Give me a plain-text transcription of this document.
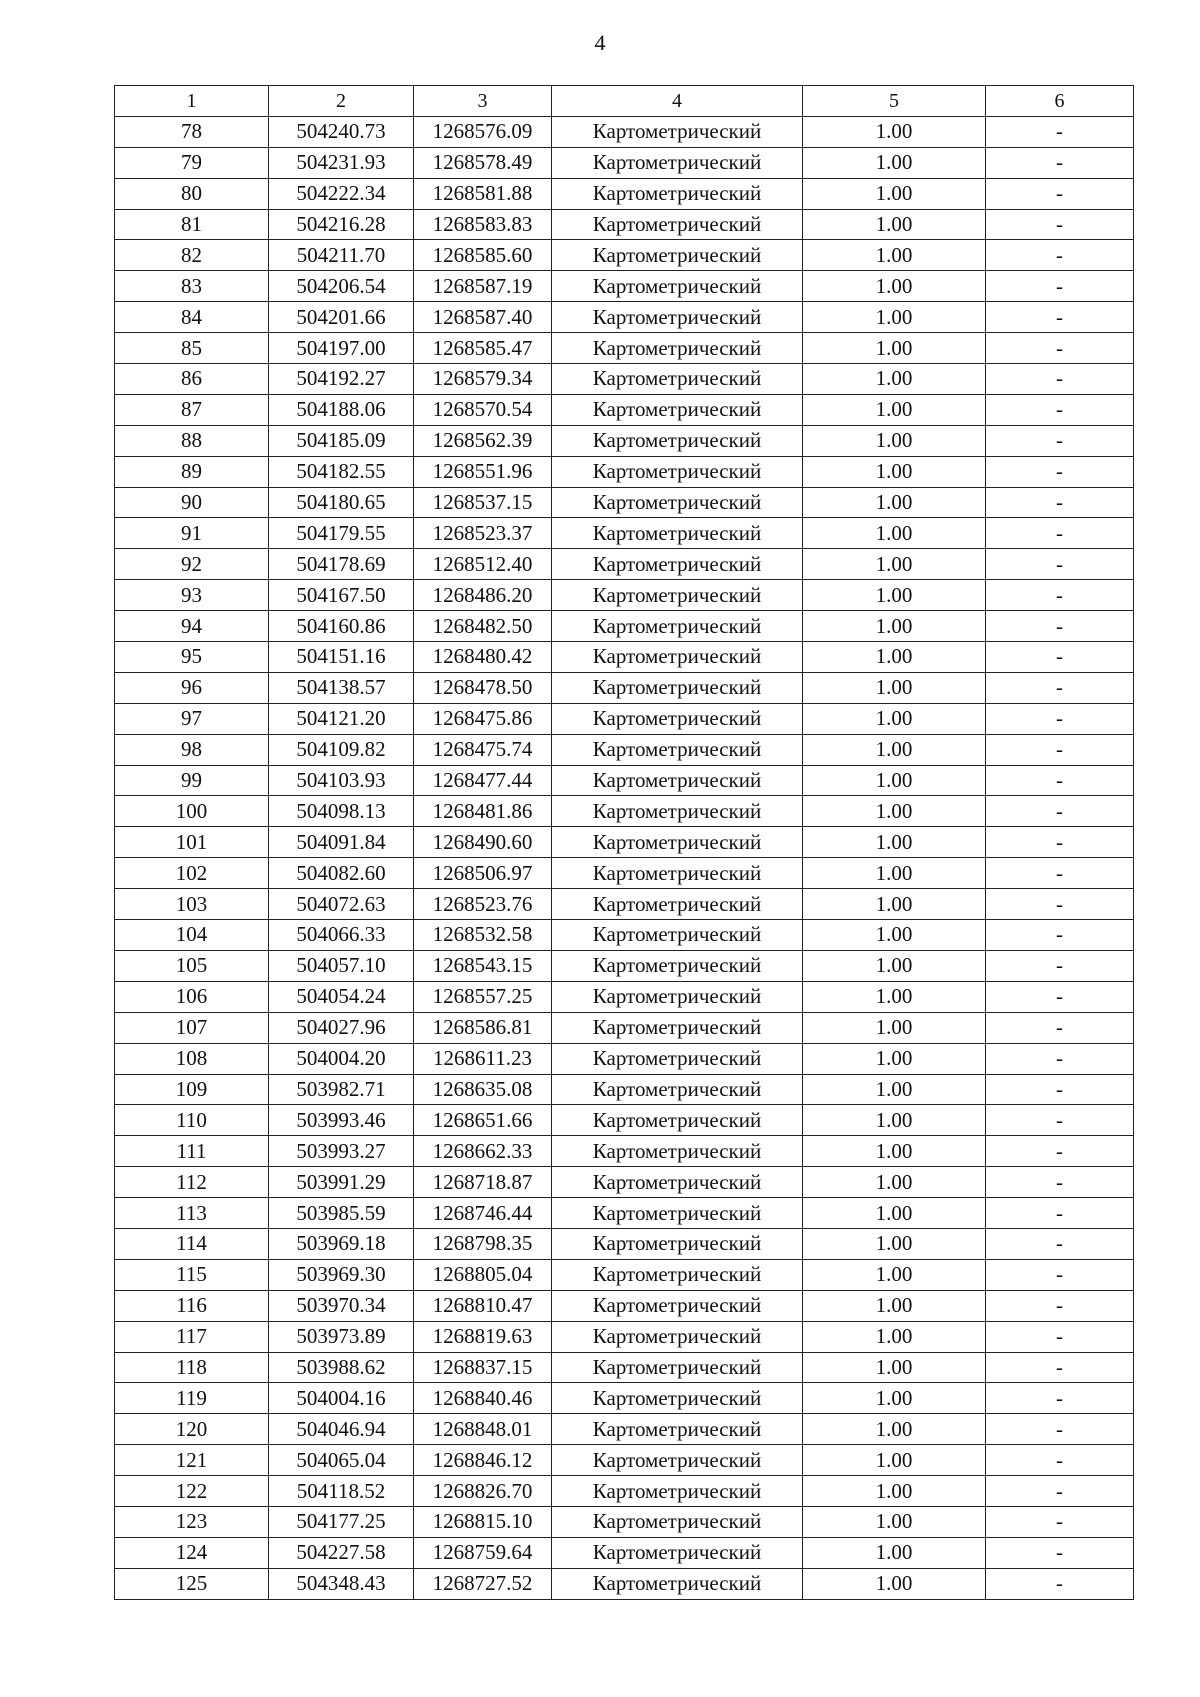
4
1	2	3	4	5	6
78	504240.73	1268576.09	Картометрический	1.00	-
79	504231.93	1268578.49	Картометрический	1.00	-
80	504222.34	1268581.88	Картометрический	1.00	-
81	504216.28	1268583.83	Картометрический	1.00	-
82	504211.70	1268585.60	Картометрический	1.00	-
83	504206.54	1268587.19	Картометрический	1.00	-
84	504201.66	1268587.40	Картометрический	1.00	-
85	504197.00	1268585.47	Картометрический	1.00	-
86	504192.27	1268579.34	Картометрический	1.00	-
87	504188.06	1268570.54	Картометрический	1.00	-
88	504185.09	1268562.39	Картометрический	1.00	-
89	504182.55	1268551.96	Картометрический	1.00	-
90	504180.65	1268537.15	Картометрический	1.00	-
91	504179.55	1268523.37	Картометрический	1.00	-
92	504178.69	1268512.40	Картометрический	1.00	-
93	504167.50	1268486.20	Картометрический	1.00	-
94	504160.86	1268482.50	Картометрический	1.00	-
95	504151.16	1268480.42	Картометрический	1.00	-
96	504138.57	1268478.50	Картометрический	1.00	-
97	504121.20	1268475.86	Картометрический	1.00	-
98	504109.82	1268475.74	Картометрический	1.00	-
99	504103.93	1268477.44	Картометрический	1.00	-
100	504098.13	1268481.86	Картометрический	1.00	-
101	504091.84	1268490.60	Картометрический	1.00	-
102	504082.60	1268506.97	Картометрический	1.00	-
103	504072.63	1268523.76	Картометрический	1.00	-
104	504066.33	1268532.58	Картометрический	1.00	-
105	504057.10	1268543.15	Картометрический	1.00	-
106	504054.24	1268557.25	Картометрический	1.00	-
107	504027.96	1268586.81	Картометрический	1.00	-
108	504004.20	1268611.23	Картометрический	1.00	-
109	503982.71	1268635.08	Картометрический	1.00	-
110	503993.46	1268651.66	Картометрический	1.00	-
111	503993.27	1268662.33	Картометрический	1.00	-
112	503991.29	1268718.87	Картометрический	1.00	-
113	503985.59	1268746.44	Картометрический	1.00	-
114	503969.18	1268798.35	Картометрический	1.00	-
115	503969.30	1268805.04	Картометрический	1.00	-
116	503970.34	1268810.47	Картометрический	1.00	-
117	503973.89	1268819.63	Картометрический	1.00	-
118	503988.62	1268837.15	Картометрический	1.00	-
119	504004.16	1268840.46	Картометрический	1.00	-
120	504046.94	1268848.01	Картометрический	1.00	-
121	504065.04	1268846.12	Картометрический	1.00	-
122	504118.52	1268826.70	Картометрический	1.00	-
123	504177.25	1268815.10	Картометрический	1.00	-
124	504227.58	1268759.64	Картометрический	1.00	-
125	504348.43	1268727.52	Картометрический	1.00	-
